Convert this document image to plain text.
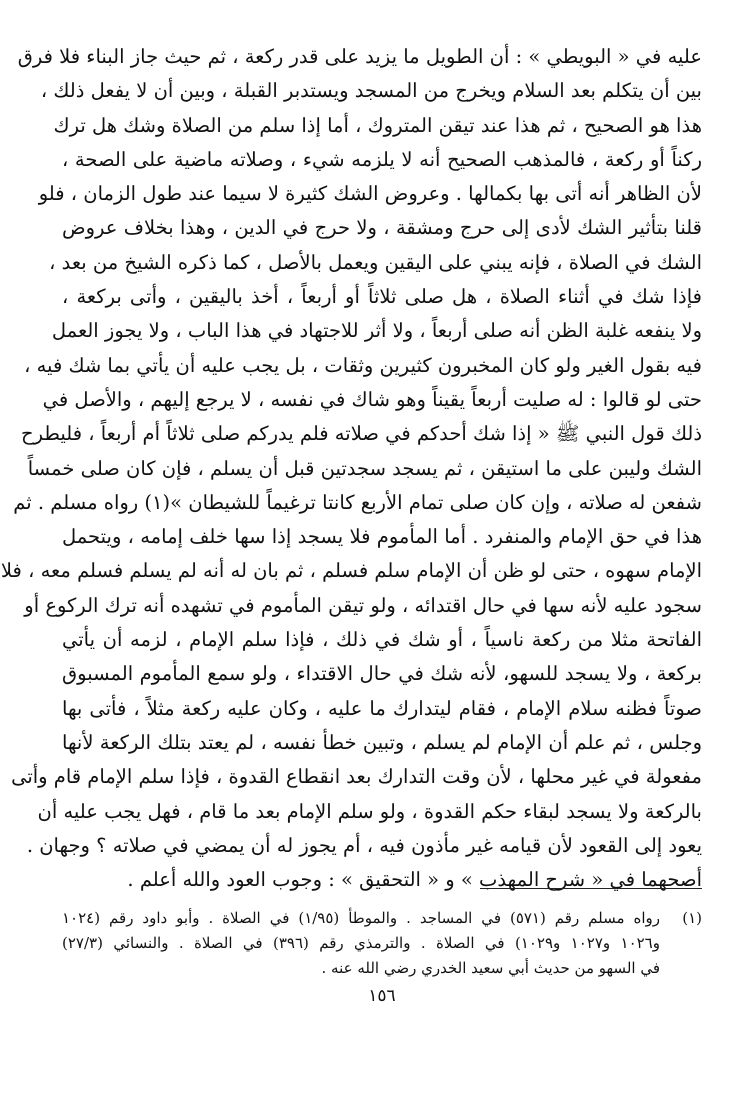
عليه في « البويطي » : أن الطويل ما يزيد على قدر ركعة ، ثم حيث جاز البناء فلا فرق
بين أن يتكلم بعد السلام ويخرج من المسجد ويستدبر القبلة ، وبين أن لا يفعل ذلك ،
هذا هو الصحيح ، ثم هذا عند تيقن المتروك ، أما إذا سلم من الصلاة وشك هل ترك
ركناً أو ركعة ، فالمذهب الصحيح أنه لا يلزمه شيء ، وصلاته ماضية على الصحة ،
لأن الظاهر أنه أتى بها بكمالها . وعروض الشك كثيرة لا سيما عند طول الزمان ، فلو
قلنا بتأثير الشك لأدى إلى حرج ومشقة ، ولا حرج في الدين ، وهذا بخلاف عروض
الشك في الصلاة ، فإنه يبني على اليقين ويعمل بالأصل ، كما ذكره الشيخ من بعد ،
فإذا شك في أثناء الصلاة ، هل صلى ثلاثاً أو أربعاً ، أخذ باليقين ، وأتى بركعة ،
ولا ينفعه غلبة الظن أنه صلى أربعاً ، ولا أثر للاجتهاد في هذا الباب ، ولا يجوز العمل
فيه بقول الغير ولو كان المخبرون كثيرين وثقات ، بل يجب عليه أن يأتي بما شك فيه ،
حتى لو قالوا : له صليت أربعاً يقيناً وهو شاك في نفسه ، لا يرجع إليهم ، والأصل في
ذلك قول النبي ﷺ « إذا شك أحدكم في صلاته فلم يدركم صلى ثلاثاً أم أربعاً ، فليطرح
الشك وليبن على ما استيقن ، ثم يسجد سجدتين قبل أن يسلم ، فإن كان صلى خمساً
شفعن له صلاته ، وإن كان صلى تمام الأربع كانتا ترغيماً للشيطان »(١) رواه مسلم . ثم
هذا في حق الإمام والمنفرد . أما المأموم فلا يسجد إذا سها خلف إمامه ، ويتحمل
الإمام سهوه ، حتى لو ظن أن الإمام سلم فسلم ، ثم بان له أنه لم يسلم فسلم معه ، فلا
سجود عليه لأنه سها في حال اقتدائه ، ولو تيقن المأموم في تشهده أنه ترك الركوع أو
الفاتحة مثلا من ركعة ناسياً ، أو شك في ذلك ، فإذا سلم الإمام ، لزمه أن يأتي
بركعة ، ولا يسجد للسهو، لأنه شك في حال الاقتداء ، ولو سمع المأموم المسبوق
صوتاً فظنه سلام الإمام ، فقام ليتدارك ما عليه ، وكان عليه ركعة مثلاً ، فأتى بها
وجلس ، ثم علم أن الإمام لم يسلم ، وتبين خطأ نفسه ، لم يعتد بتلك الركعة لأنها
مفعولة في غير محلها ، لأن وقت التدارك بعد انقطاع القدوة ، فإذا سلم الإمام قام وأتى
بالركعة ولا يسجد لبقاء حكم القدوة ، ولو سلم الإمام بعد ما قام ، فهل يجب عليه أن
يعود إلى القعود لأن قيامه غير مأذون فيه ، أم يجوز له أن يمضي في صلاته ؟ وجهان .
أصحهما في « شرح المهذب » و « التحقيق » : وجوب العود والله أعلم .
(١)
رواه مسلم رقم (٥٧١) في المساجد . والموطأ (١/٩٥) في الصلاة . وأبو داود رقم (١٠٢٤
و١٠٢٦ و١٠٢٧ و١٠٢٩) في الصلاة . والترمذي رقم (٣٩٦) في الصلاة . والنسائي (٢٧/٣)
في السهو من حديث أبي سعيد الخدري رضي الله عنه .
١٥٦
